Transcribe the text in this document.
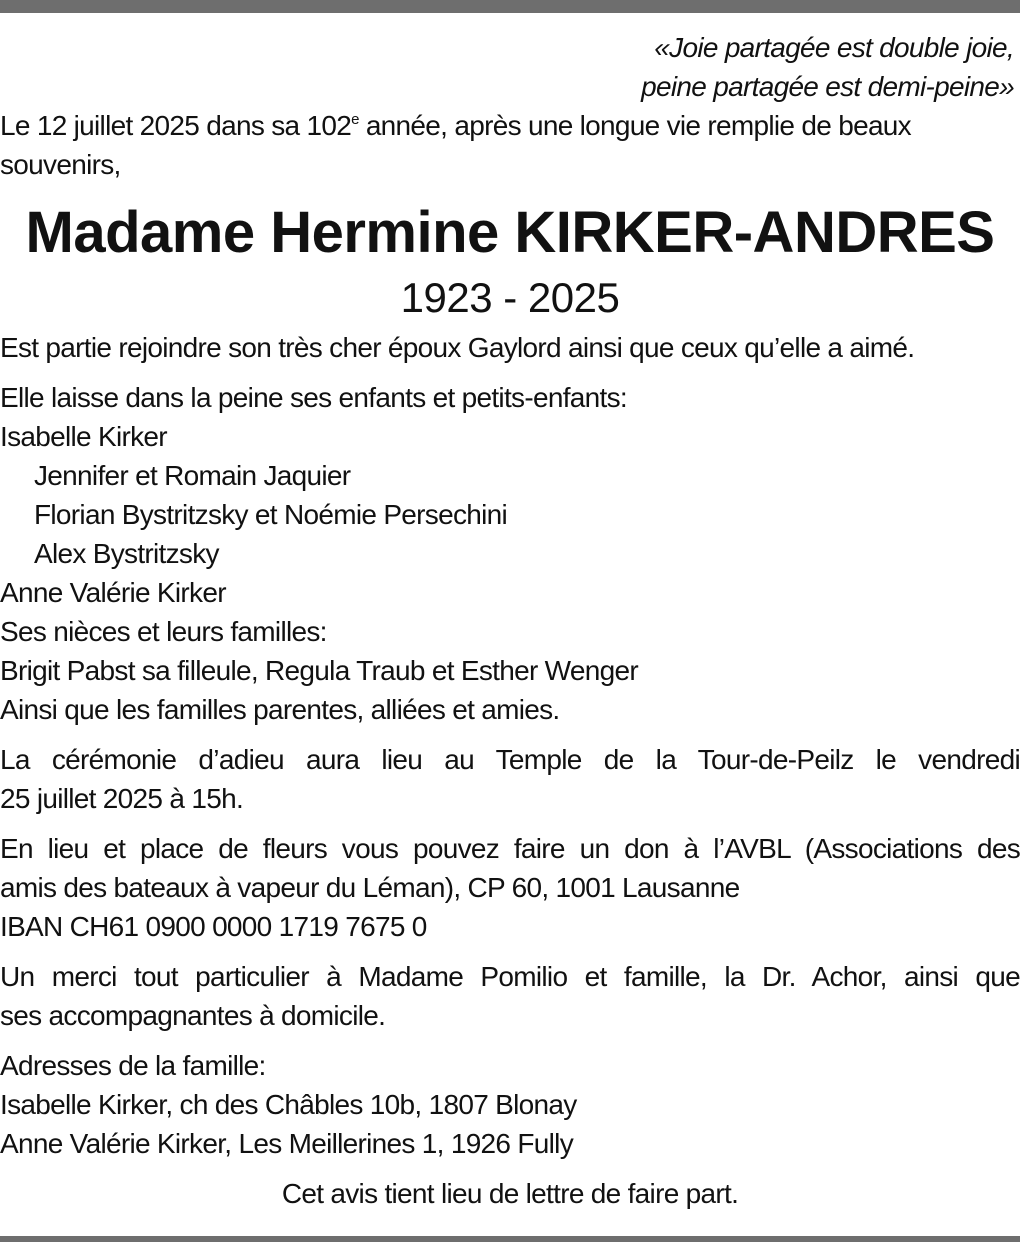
«Joie partagée est double joie,
peine partagée est demi-peine»
Le 12 juillet 2025 dans sa 102e année, après une longue vie remplie de beaux
souvenirs,
Madame Hermine KIRKER-ANDRES
1923 - 2025
Est partie rejoindre son très cher époux Gaylord ainsi que ceux qu’elle a aimé.
Elle laisse dans la peine ses enfants et petits-enfants:
Isabelle Kirker
Jennifer et Romain Jaquier
Florian Bystritzsky et Noémie Persechini
Alex Bystritzsky
Anne Valérie Kirker
Ses nièces et leurs familles:
Brigit Pabst sa filleule, Regula Traub et Esther Wenger
Ainsi que les familles parentes, alliées et amies.
La cérémonie d’adieu aura lieu au Temple de la Tour-de-Peilz le vendredi
25 juillet 2025 à 15h.
En lieu et place de fleurs vous pouvez faire un don à l’AVBL (Associations des
amis des bateaux à vapeur du Léman), CP 60, 1001 Lausanne
IBAN CH61 0900 0000 1719 7675 0
Un merci tout particulier à Madame Pomilio et famille, la Dr. Achor, ainsi que
ses accompagnantes à domicile.
Adresses de la famille:
Isabelle Kirker, ch des Châbles 10b, 1807 Blonay
Anne Valérie Kirker, Les Meillerines 1, 1926 Fully
Cet avis tient lieu de lettre de faire part.
